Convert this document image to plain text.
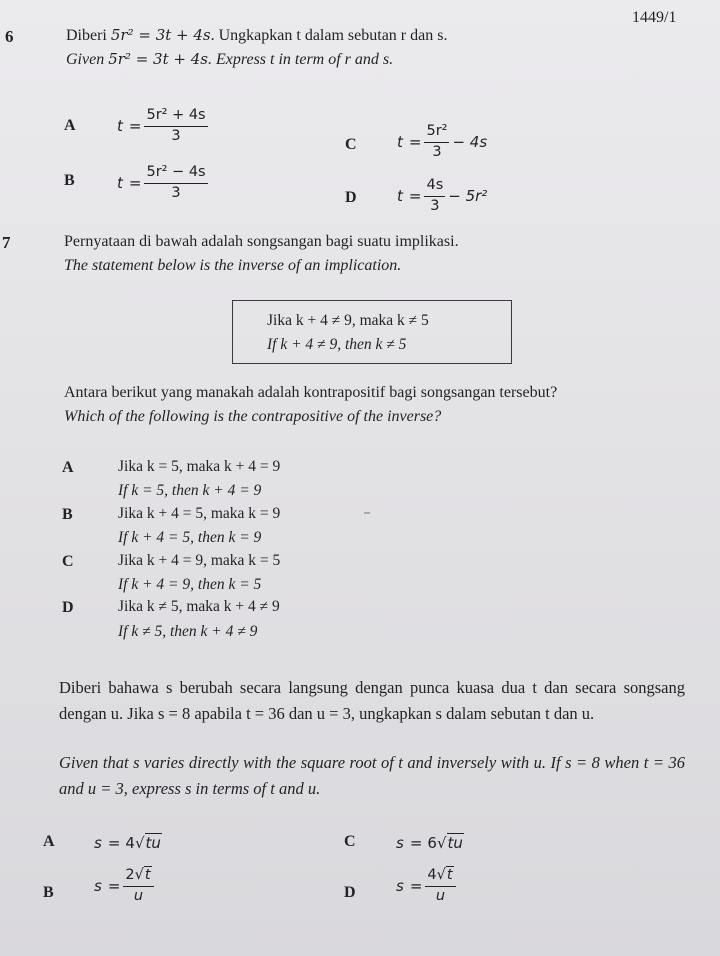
1449/1
6	Diberi 5r² = 3t + 4s. Ungkapkan t dalam sebutan r dan s.
Given 5r² = 3t + 4s. Express t in term of r and s.
A	$t = \frac{\text{5r² + 4s}}{3}$
B	$t = \frac{\text{5r² − 4s}}{3}$
C	$t = \frac{\text{5r²}}{3} - 4s$
D	$t = \frac{4s}{3} - 5r^2$
7	Pernyataan di bawah adalah songsangan bagi suatu implikasi.
The statement below is the inverse of an implication.
Jika k + 4 ≠ 9, maka k ≠ 5
If k + 4 ≠ 9, then k ≠ 5
Antara berikut yang manakah adalah kontrapositif bagi songsangan tersebut?
Which of the following is the contrapositive of the inverse?
A	Jika k = 5, maka k + 4 = 9
If k = 5, then k + 4 = 9
B	Jika k + 4 = 5, maka k = 9
If k + 4 = 5, then k = 9
C	Jika k + 4 = 9, maka k = 5
If k + 4 = 9, then k = 5
D	Jika k ≠ 5, maka k + 4 ≠ 9
If k ≠ 5, then k + 4 ≠ 9
Diberi bahawa s berubah secara langsung dengan punca kuasa dua t dan secara songsang dengan u. Jika s = 8 apabila t = 36 dan u = 3, ungkapkan s dalam sebutan t dan u.
Given that s varies directly with the square root of t and inversely with u. If s = 8 when t = 36 and u = 3, express s in terms of t and u.
A	s = 4 √ tu	C	s = 6 √ tu
B	$s = \frac{2√t}{u}$	D	$s = \frac{4√t}{u}$
